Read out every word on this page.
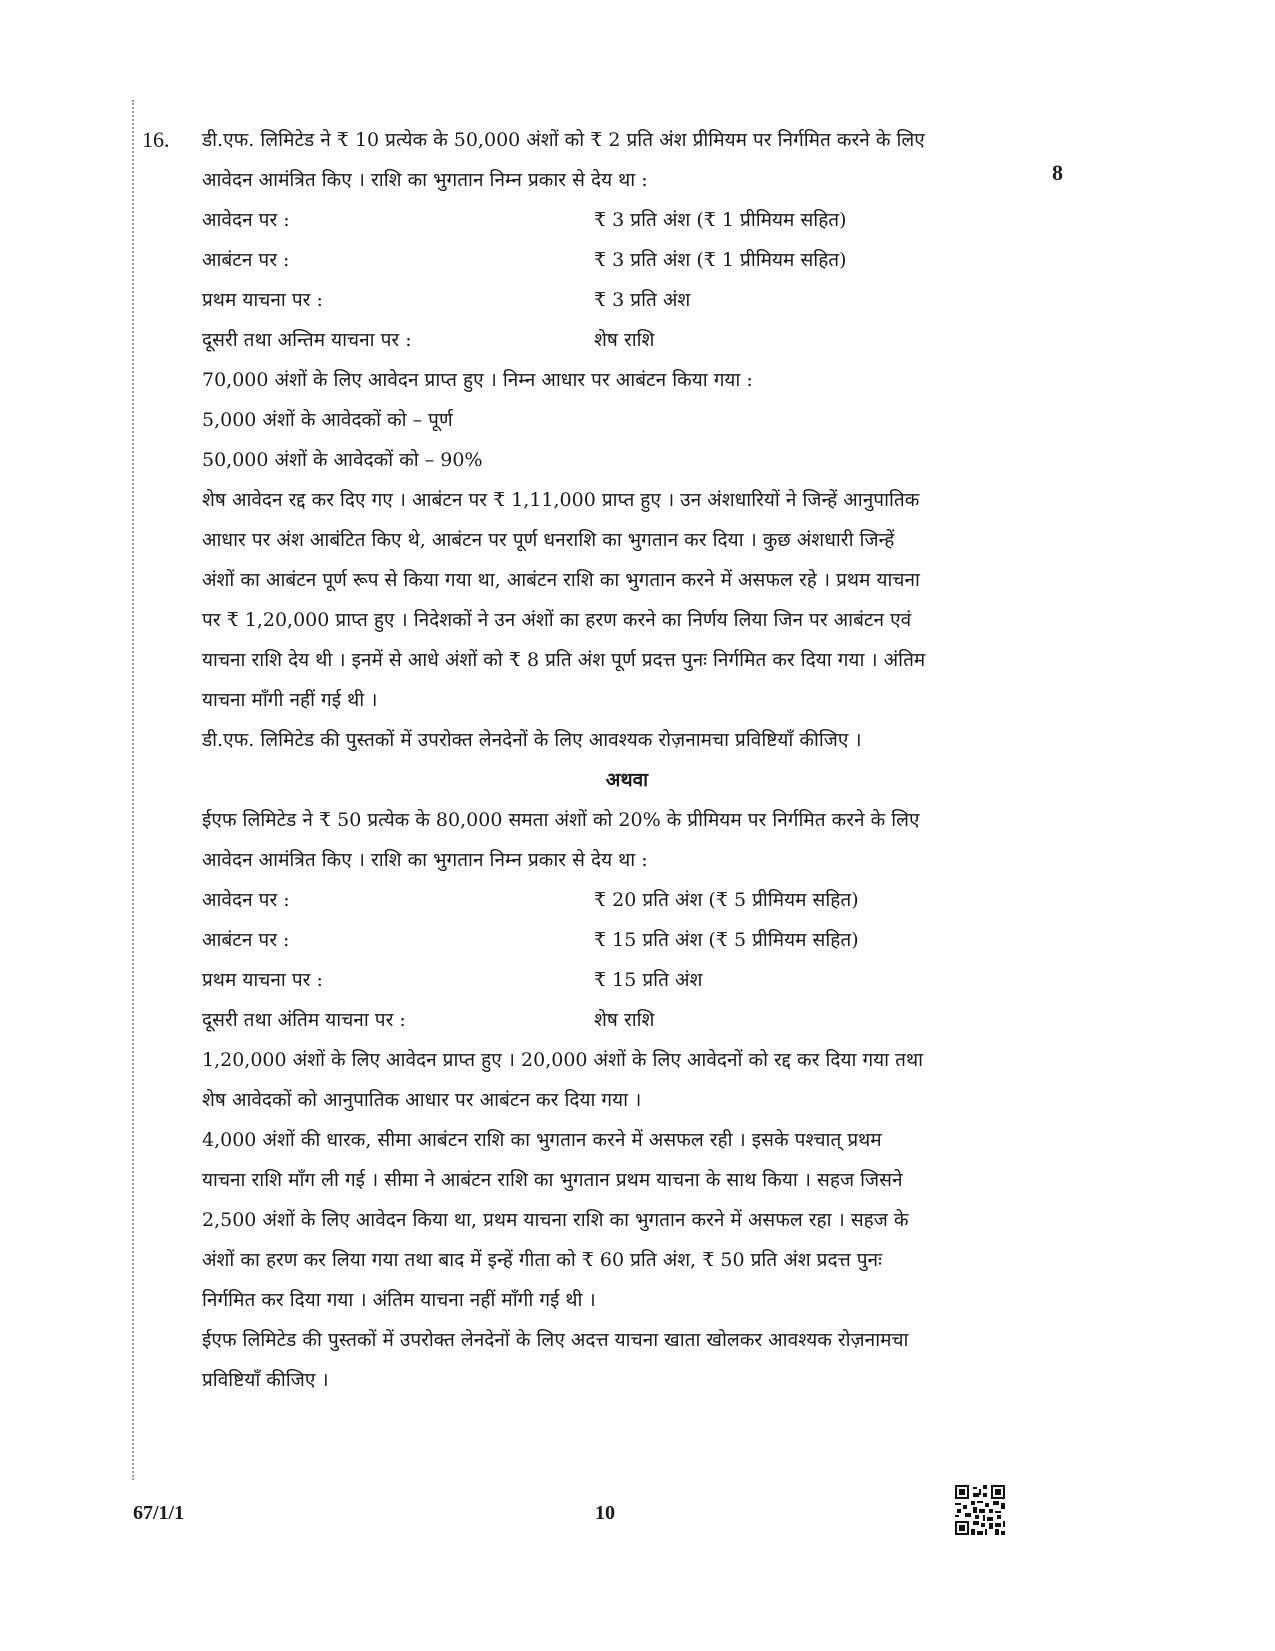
16.
8
डी.एफ. लिमिटेड ने ₹ 10 प्रत्येक के 50,000 अंशों को ₹ 2 प्रति अंश प्रीमियम पर निर्गमित करने के लिए
आवेदन आमंत्रित किए । राशि का भुगतान निम्न प्रकार से देय था :
आवेदन पर :	₹ 3 प्रति अंश (₹ 1 प्रीमियम सहित)
आबंटन पर :	₹ 3 प्रति अंश (₹ 1 प्रीमियम सहित)
प्रथम याचना पर :	₹ 3 प्रति अंश
दूसरी तथा अन्तिम याचना पर :	शेष राशि
70,000 अंशों के लिए आवेदन प्राप्त हुए । निम्न आधार पर आबंटन किया गया :
5,000 अंशों के आवेदकों को – पूर्ण
50,000 अंशों के आवेदकों को – 90%
शेष आवेदन रद्द कर दिए गए । आबंटन पर ₹ 1,11,000 प्राप्त हुए । उन अंशधारियों ने जिन्हें आनुपातिक
आधार पर अंश आबंटित किए थे, आबंटन पर पूर्ण धनराशि का भुगतान कर दिया । कुछ अंशधारी जिन्हें
अंशों का आबंटन पूर्ण रूप से किया गया था, आबंटन राशि का भुगतान करने में असफल रहे । प्रथम याचना
पर ₹ 1,20,000 प्राप्त हुए । निदेशकों ने उन अंशों का हरण करने का निर्णय लिया जिन पर आबंटन एवं
याचना राशि देय थी । इनमें से आधे अंशों को ₹ 8 प्रति अंश पूर्ण प्रदत्त पुनः निर्गमित कर दिया गया । अंतिम
याचना माँगी नहीं गई थी ।
डी.एफ. लिमिटेड की पुस्तकों में उपरोक्त लेनदेनों के लिए आवश्यक रोज़नामचा प्रविष्टियाँ कीजिए ।
अथवा
ईएफ लिमिटेड ने ₹ 50 प्रत्येक के 80,000 समता अंशों को 20% के प्रीमियम पर निर्गमित करने के लिए
आवेदन आमंत्रित किए । राशि का भुगतान निम्न प्रकार से देय था :
आवेदन पर :	₹ 20 प्रति अंश (₹ 5 प्रीमियम सहित)
आबंटन पर :	₹ 15 प्रति अंश (₹ 5 प्रीमियम सहित)
प्रथम याचना पर :	₹ 15 प्रति अंश
दूसरी तथा अंतिम याचना पर :	शेष राशि
1,20,000 अंशों के लिए आवेदन प्राप्त हुए । 20,000 अंशों के लिए आवेदनों को रद्द कर दिया गया तथा
शेष आवेदकों को आनुपातिक आधार पर आबंटन कर दिया गया ।
4,000 अंशों की धारक, सीमा आबंटन राशि का भुगतान करने में असफल रही । इसके पश्चात् प्रथम
याचना राशि माँग ली गई । सीमा ने आबंटन राशि का भुगतान प्रथम याचना के साथ किया । सहज जिसने
2,500 अंशों के लिए आवेदन किया था, प्रथम याचना राशि का भुगतान करने में असफल रहा । सहज के
अंशों का हरण कर लिया गया तथा बाद में इन्हें गीता को ₹ 60 प्रति अंश, ₹ 50 प्रति अंश प्रदत्त पुनः
निर्गमित कर दिया गया । अंतिम याचना नहीं माँगी गई थी ।
ईएफ लिमिटेड की पुस्तकों में उपरोक्त लेनदेनों के लिए अदत्त याचना खाता खोलकर आवश्यक रोज़नामचा
प्रविष्टियाँ कीजिए ।
67/1/1	10
